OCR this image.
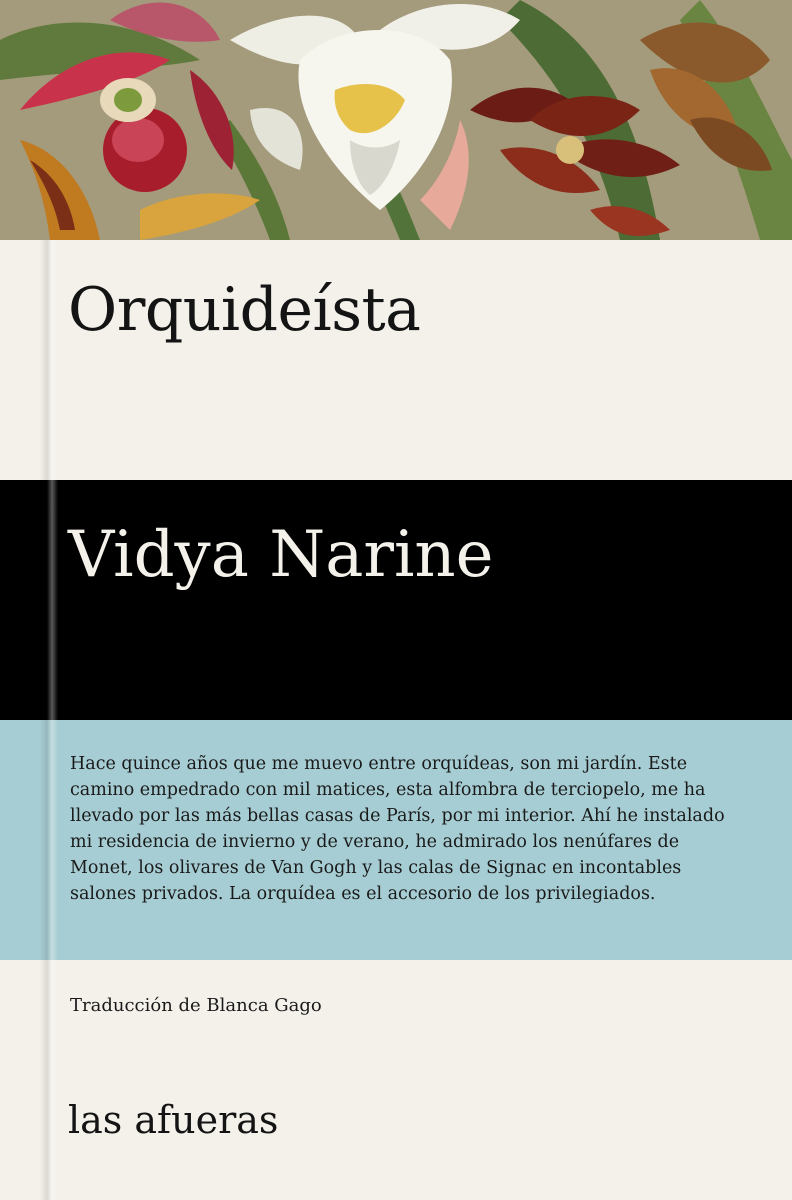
Orquideísta
Vidya Narine

Hace quince años que me muevo entre orquídeas, son mi jardín. Este
camino empedrado con mil matices, esta alfombra de terciopelo, me ha
llevado por las más bellas casas de París, por mi interior. Ahí he instalado
mi residencia de invierno y de verano, he admirado los nenúfares de
Monet, los olivares de Van Gogh y las calas de Signac en incontables
salones privados. La orquídea es el accesorio de los privilegiados.

Traducción de Blanca Gago

las afueras
